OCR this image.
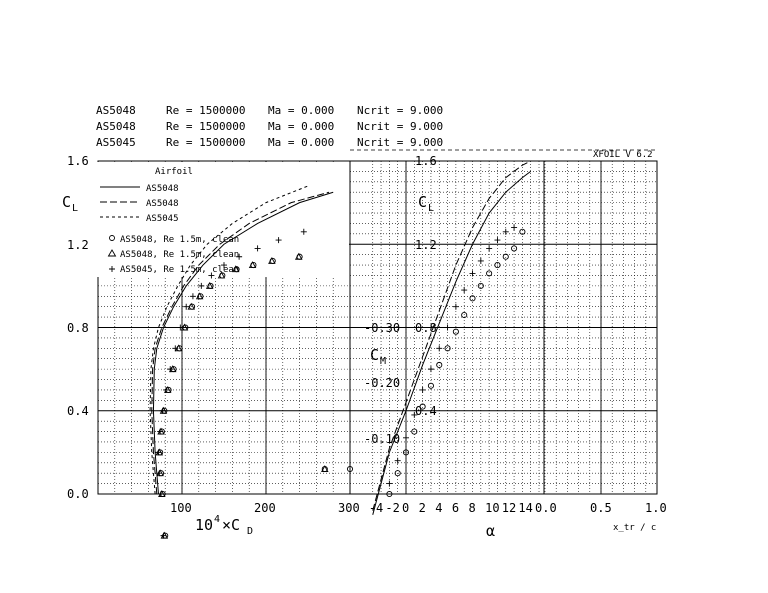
AS5048	Re = 1500000 Ma = 0.000 Ncrit = 9.000
AS5048	Re = 1500000 Ma = 0.000 Ncrit = 9.000
AS5045	Re = 1500000 Ma = 0.000 Ncrit = 9.000
XFOIL V 6.2
C L
1.6
1.2
0.8
0.4
0.0
100	200	300
10 4 ×C D
Airfoil
AS5048
AS5048
AS5045
AS5048, Re 1.5m, clean
AS5048, Re 1.5m, clean
AS5045, Re 1.5m, clean
C L
1.6
1.2
0.8
0.4
C M
-0.30
-0.20
-0.10
-4 -2 0 2 4 6 8 10 12 14
α
0.0	0.5	1.0
x_tr / c
